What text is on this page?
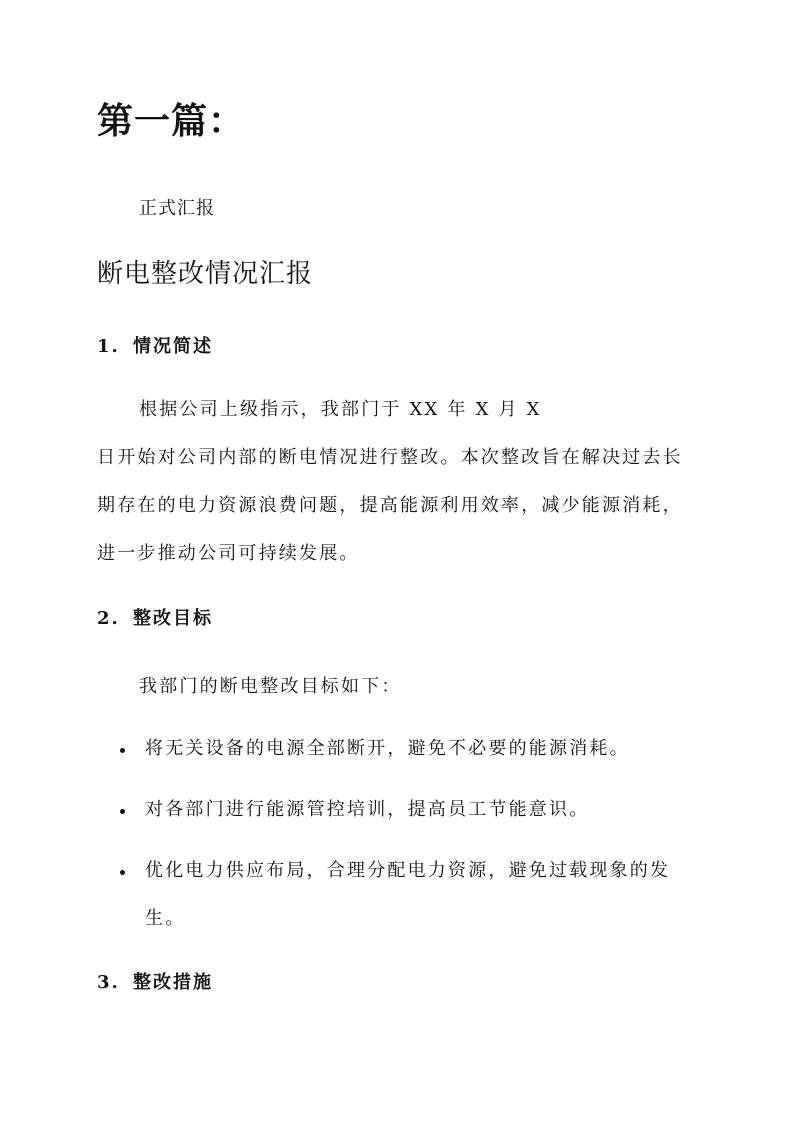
第一篇：
正式汇报
断电整改情况汇报
1. 情况简述
根据公司上级指示，我部门于 XX 年 X 月 X
日开始对公司内部的断电情况进行整改。本次整改旨在解决过去长
期存在的电力资源浪费问题，提高能源利用效率，减少能源消耗，
进一步推动公司可持续发展。
2. 整改目标
我部门的断电整改目标如下：
将无关设备的电源全部断开，避免不必要的能源消耗。
对各部门进行能源管控培训，提高员工节能意识。
优化电力供应布局，合理分配电力资源，避免过载现象的发
生。
3. 整改措施
